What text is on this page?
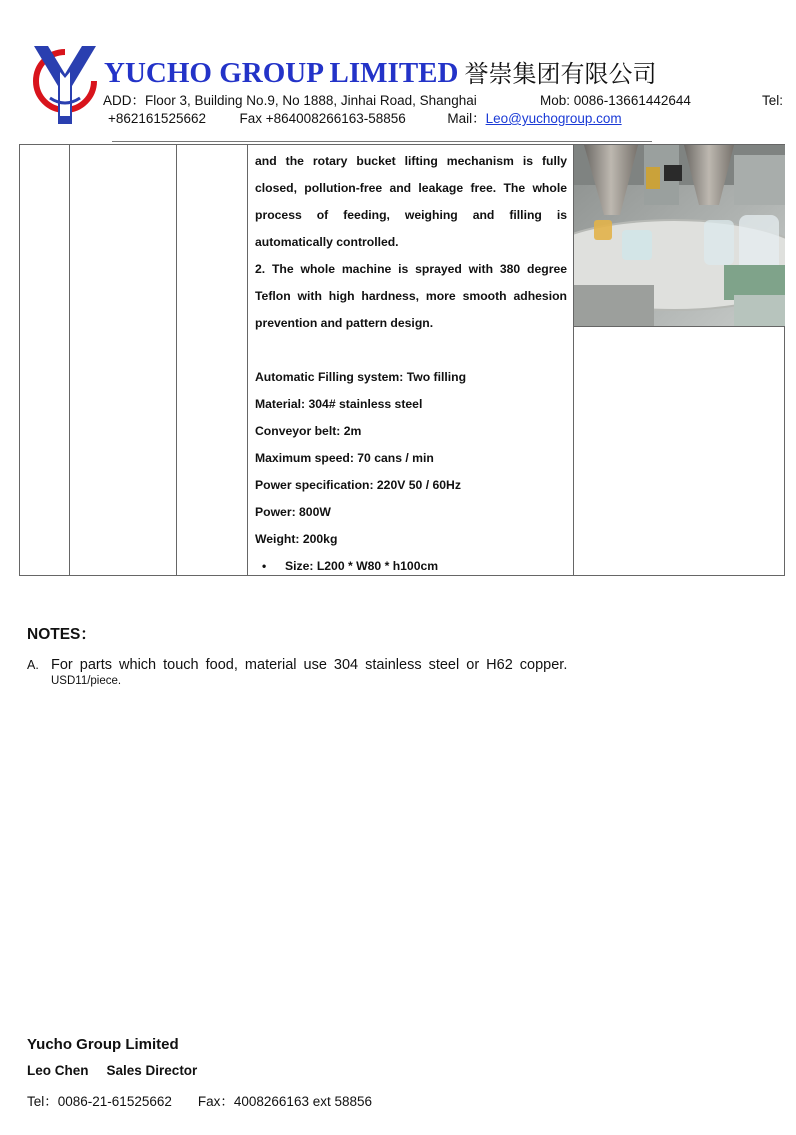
YUCHO GROUP LIMITED 誉崇集团有限公司
ADD：Floor 3, Building No.9, No 1888, Jinhai Road, Shanghai	Mob: 0086-13661442644	Tel:
+862161525662 Fax +864008266163-58856	Mail：Leo@yuchogroup.com

and the rotary bucket lifting mechanism is fully closed, pollution-free and leakage free. The whole process of feeding, weighing and filling is automatically controlled.

2. The whole machine is sprayed with 380 degree Teflon with high hardness, more smooth adhesion prevention and pattern design.

Automatic Filling system: Two filling

Material: 304# stainless steel

Conveyor belt: 2m

Maximum speed: 70 cans / min

Power specification: 220V 50 / 60Hz

Power: 800W

Weight: 200kg

• Size: L200 * W80 * h100cm
NOTES：
A. For parts which touch food, material use 304 stainless steel or H62 copper.
USD11/piece.
Yucho Group Limited
Leo Chen Sales Director
Tel：0086-21-61525662 Fax：4008266163 ext 58856
